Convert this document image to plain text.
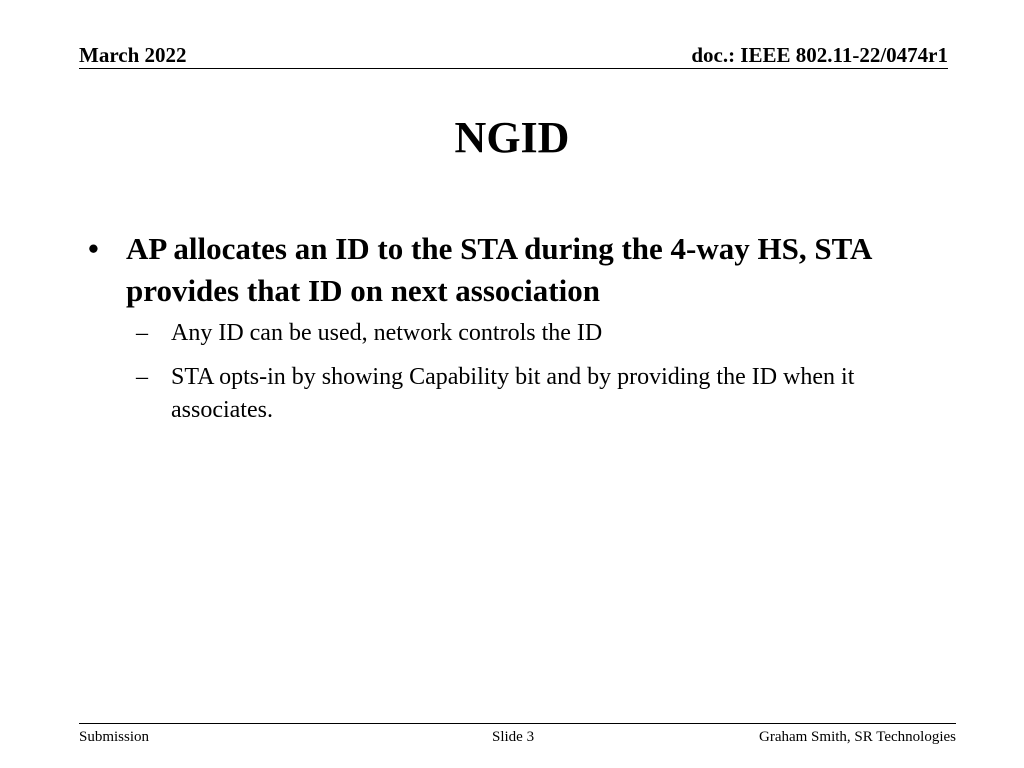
March 2022	doc.: IEEE 802.11-22/0474r1
NGID
• AP allocates an ID to the STA during the 4-way HS, STA provides that ID on next association
– Any ID can be used, network controls the ID
– STA opts-in by showing Capability bit and by providing the ID when it associates.
Submission	Slide 3	Graham Smith, SR Technologies
